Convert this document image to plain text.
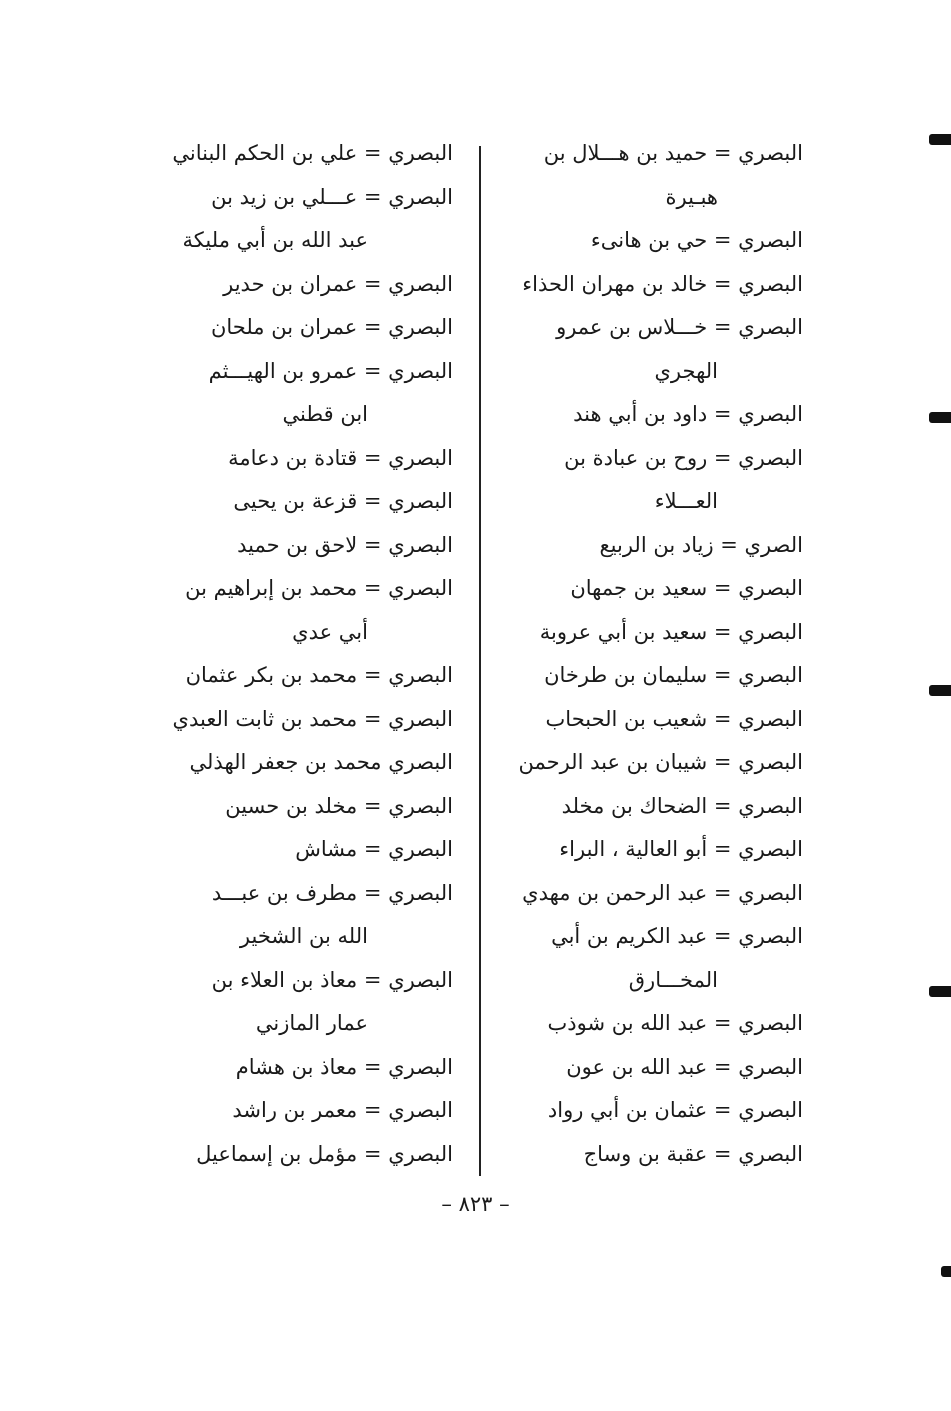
البصري = حميد بن هـــلال بن
هبـيرة
البصري = حي بن هانىء
البصري = خالد بن مهران الحذاء
البصري = خـــلاس بن عمرو
الهجري
البصري = داود بن أبي هند
البصري = روح بن عبادة بن
العـــلاء
الصري = زياد بن الربيع
البصري = سعيد بن جمهان
البصري = سعيد بن أبي عروبة
البصري = سليمان بن طرخان
البصري = شعيب بن الحبحاب
البصري = شيبان بن عبد الرحمن
البصري = الضحاك بن مخلد
البصري = أبو العالية ، البراء
البصري = عبد الرحمن بن مهدي
البصري = عبد الكريم بن أبي
المخـــارق
البصري = عبد الله بن شوذب
البصري = عبد الله بن عون
البصري = عثمان بن أبي رواد
البصري = عقبة بن وساج
البصري = علي بن الحكم البناني
البصري = عـــلي بن زيد بن
عبد الله بن أبي مليكة
البصري = عمران بن حدير
البصري = عمران بن ملحان
البصري = عمرو بن الهيـــثم
ابن قطني
البصري = قتادة بن دعامة
البصري = قزعة بن يحيى
البصري = لاحق بن حميد
البصري = محمد بن إبراهيم بن
أبي عدي
البصري = محمد بن بكر عثمان
البصري = محمد بن ثابت العبدي
البصري محمد بن جعفر الهذلي
البصري = مخلد بن حسين
البصري = مشاش
البصري = مطرف بن عبـــد
الله بن الشخير
البصري = معاذ بن العلاء بن
عمار المازني
البصري = معاذ بن هشام
البصري = معمر بن راشد
البصري = مؤمل بن إسماعيل
– ٨٢٣ –
